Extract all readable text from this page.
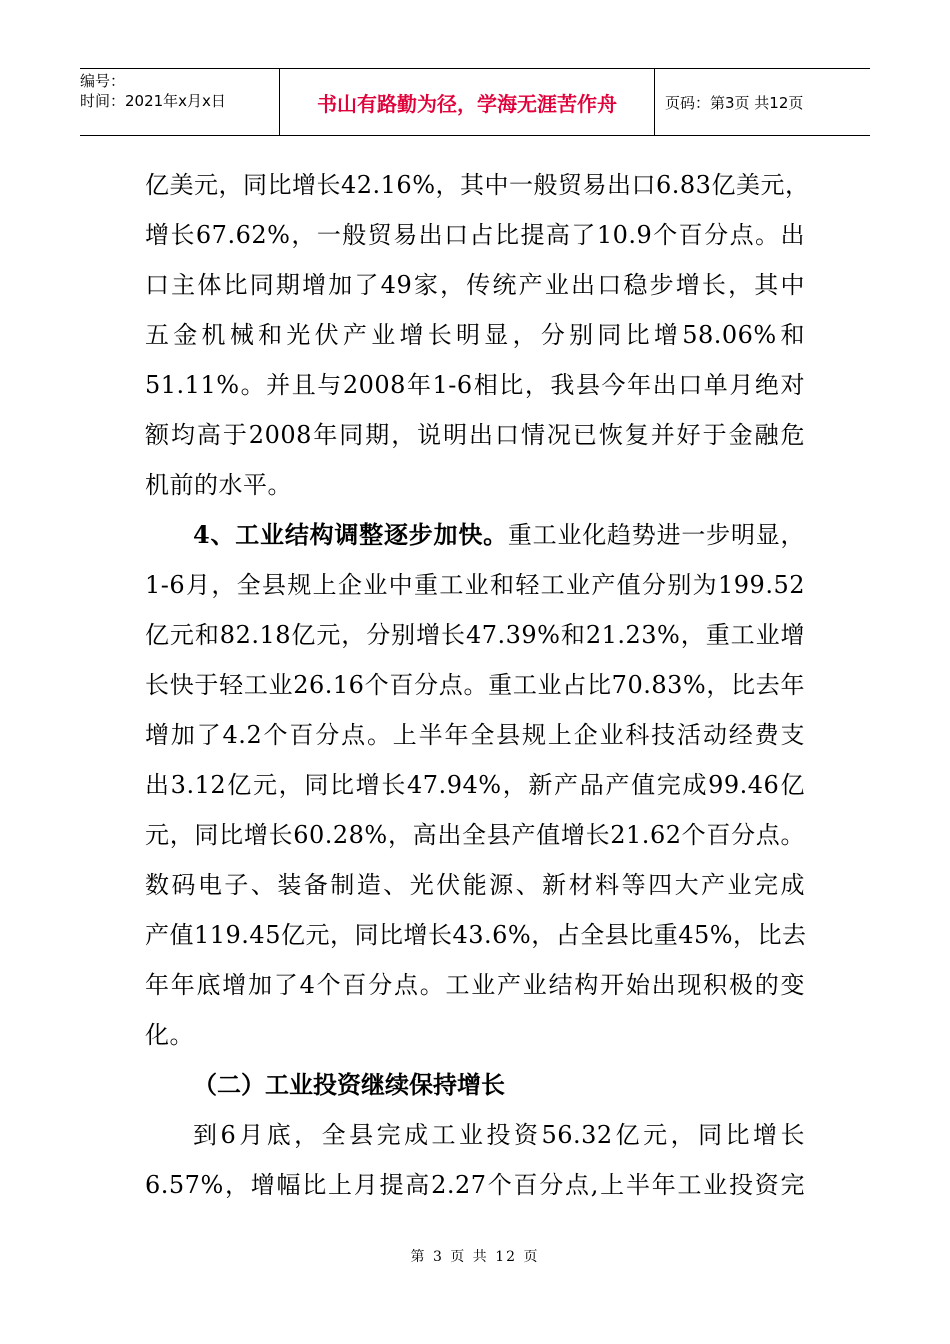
编号：
时间：2021年x月x日	书山有路勤为径，学海无涯苦作舟	页码：第3页 共12页
亿美元，同比增长42.16%，其中一般贸易出口6.83亿美元，
增长67.62%，一般贸易出口占比提高了10.9个百分点。出
口主体比同期增加了49家，传统产业出口稳步增长，其中
五金机械和光伏产业增长明显，分别同比增58.06%和
51.11%。并且与2008年1-6相比，我县今年出口单月绝对
额均高于2008年同期，说明出口情况已恢复并好于金融危
机前的水平。
4、工业结构调整逐步加快。重工业化趋势进一步明显，
1-6月，全县规上企业中重工业和轻工业产值分别为199.52
亿元和82.18亿元，分别增长47.39%和21.23%，重工业增
长快于轻工业26.16个百分点。重工业占比70.83%，比去年
增加了4.2个百分点。上半年全县规上企业科技活动经费支
出3.12亿元，同比增长47.94%，新产品产值完成99.46亿
元，同比增长60.28%，高出全县产值增长21.62个百分点。
数码电子、装备制造、光伏能源、新材料等四大产业完成
产值119.45亿元，同比增长43.6%，占全县比重45%，比去
年年底增加了4个百分点。工业产业结构开始出现积极的变
化。
（二）工业投资继续保持增长
到6月底，全县完成工业投资56.32亿元，同比增长
6.57%，增幅比上月提高2.27个百分点,上半年工业投资完
第 3 页 共 12 页
